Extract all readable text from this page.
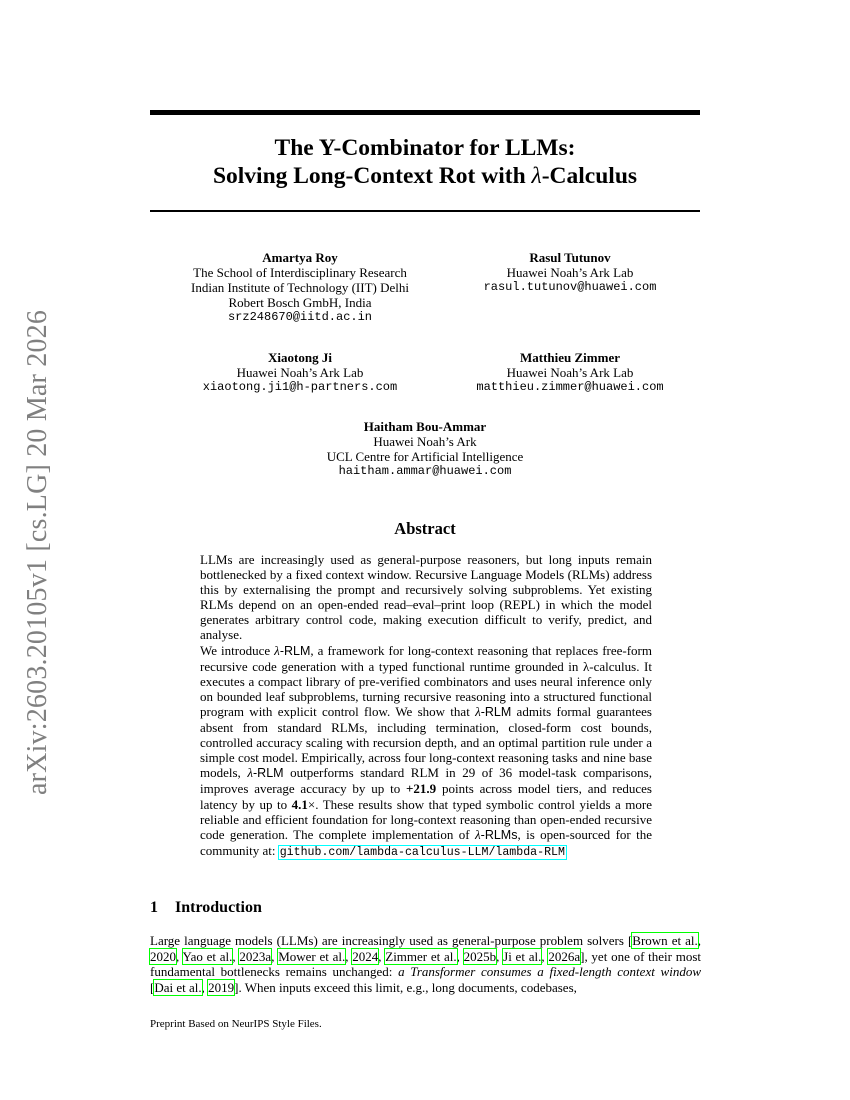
arXiv:2603.20105v1 [cs.LG] 20 Mar 2026
The Y-Combinator for LLMs:
Solving Long-Context Rot with λ-Calculus
Amartya Roy
The School of Interdisciplinary Research
Indian Institute of Technology (IIT) Delhi
Robert Bosch GmbH, India
srz248670@iitd.ac.in
Rasul Tutunov
Huawei Noah’s Ark Lab
rasul.tutunov@huawei.com
Xiaotong Ji
Huawei Noah’s Ark Lab
xiaotong.ji1@h-partners.com
Matthieu Zimmer
Huawei Noah’s Ark Lab
matthieu.zimmer@huawei.com
Haitham Bou-Ammar
Huawei Noah’s Ark
UCL Centre for Artificial Intelligence
haitham.ammar@huawei.com
Abstract

LLMs are increasingly used as general-purpose reasoners, but long inputs remain bottlenecked by a fixed context window. Recursive Language Models (RLMs) address this by externalising the prompt and recursively solving subproblems. Yet existing RLMs depend on an open-ended read–eval–print loop (REPL) in which the model generates arbitrary control code, making execution difficult to verify, predict, and analyse.

We introduce λ-RLM, a framework for long-context reasoning that replaces free-form recursive code generation with a typed functional runtime grounded in λ-calculus. It executes a compact library of pre-verified combinators and uses neural inference only on bounded leaf subproblems, turning recursive reasoning into a structured functional program with explicit control flow. We show that λ-RLM admits formal guarantees absent from standard RLMs, including termination, closed-form cost bounds, controlled accuracy scaling with recursion depth, and an optimal partition rule under a simple cost model. Empirically, across four long-context reasoning tasks and nine base models, λ-RLM outperforms standard RLM in 29 of 36 model-task comparisons, improves average accuracy by up to +21.9 points across model tiers, and reduces latency by up to 4.1×. These results show that typed symbolic control yields a more reliable and efficient foundation for long-context reasoning than open-ended recursive code generation. The complete implementation of λ-RLMs, is open-sourced for the community at: github.com/lambda-calculus-LLM/lambda-RLM

1 Introduction
Large language models (LLMs) are increasingly used as general-purpose problem solvers [Brown et al., 2020, Yao et al., 2023a, Mower et al., 2024, Zimmer et al., 2025b, Ji et al., 2026a], yet one of their most fundamental bottlenecks remains unchanged: a Transformer consumes a fixed-length context window [Dai et al., 2019]. When inputs exceed this limit, e.g., long documents, codebases,
Preprint Based on NeurIPS Style Files.
